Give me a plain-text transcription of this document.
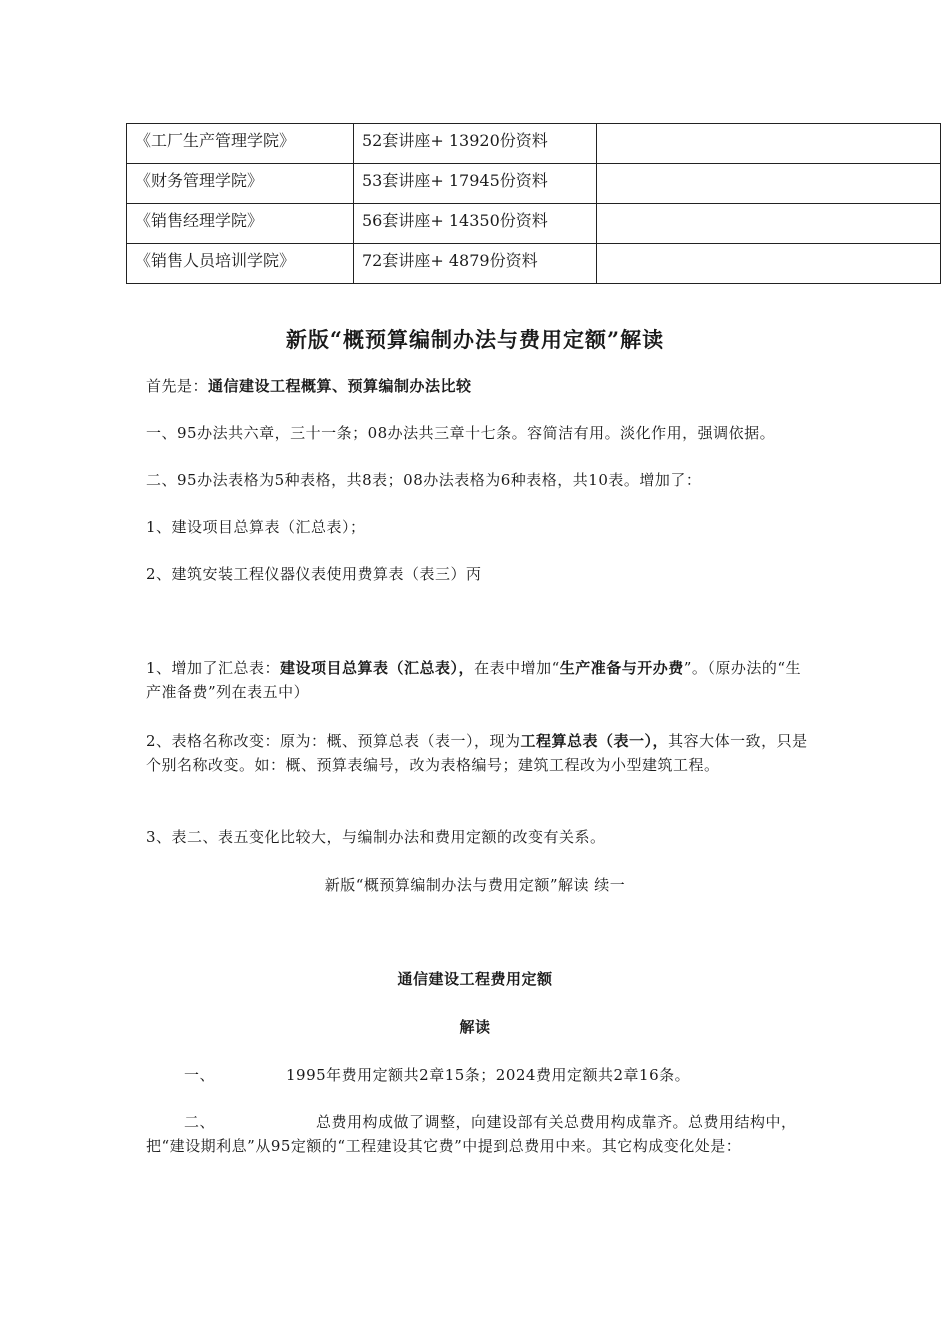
《工厂生产管理学院》	52套讲座+ 13920份资料	
《财务管理学院》	53套讲座+ 17945份资料	
《销售经理学院》	56套讲座+ 14350份资料	
《销售人员培训学院》	72套讲座+ 4879份资料	
新版“概预算编制办法与费用定额”解读
首先是：通信建设工程概算、预算编制办法比较
一、95办法共六章，三十一条；08办法共三章十七条。容简洁有用。淡化作用，强调依据。
二、95办法表格为5种表格，共8表；08办法表格为6种表格，共10表。增加了：
1、建设项目总算表（汇总表）；
2、建筑安装工程仪器仪表使用费算表（表三）丙
1、增加了汇总表：建设项目总算表（汇总表），在表中增加“生产准备与开办费”。（原办法的“生产准备费”列在表五中）
2、表格名称改变：原为：概、预算总表（表一），现为工程算总表（表一），其容大体一致，只是个别名称改变。如：概、预算表编号，改为表格编号；建筑工程改为小型建筑工程。
3、表二、表五变化比较大，与编制办法和费用定额的改变有关系。
新版“概预算编制办法与费用定额”解读 续一
通信建设工程费用定额
解读
一、	1995年费用定额共2章15条；2024费用定额共2章16条。
二、	总费用构成做了调整，向建设部有关总费用构成靠齐。总费用结构中，把“建设期利息”从95定额的“工程建设其它费”中提到总费用中来。其它构成变化处是：
